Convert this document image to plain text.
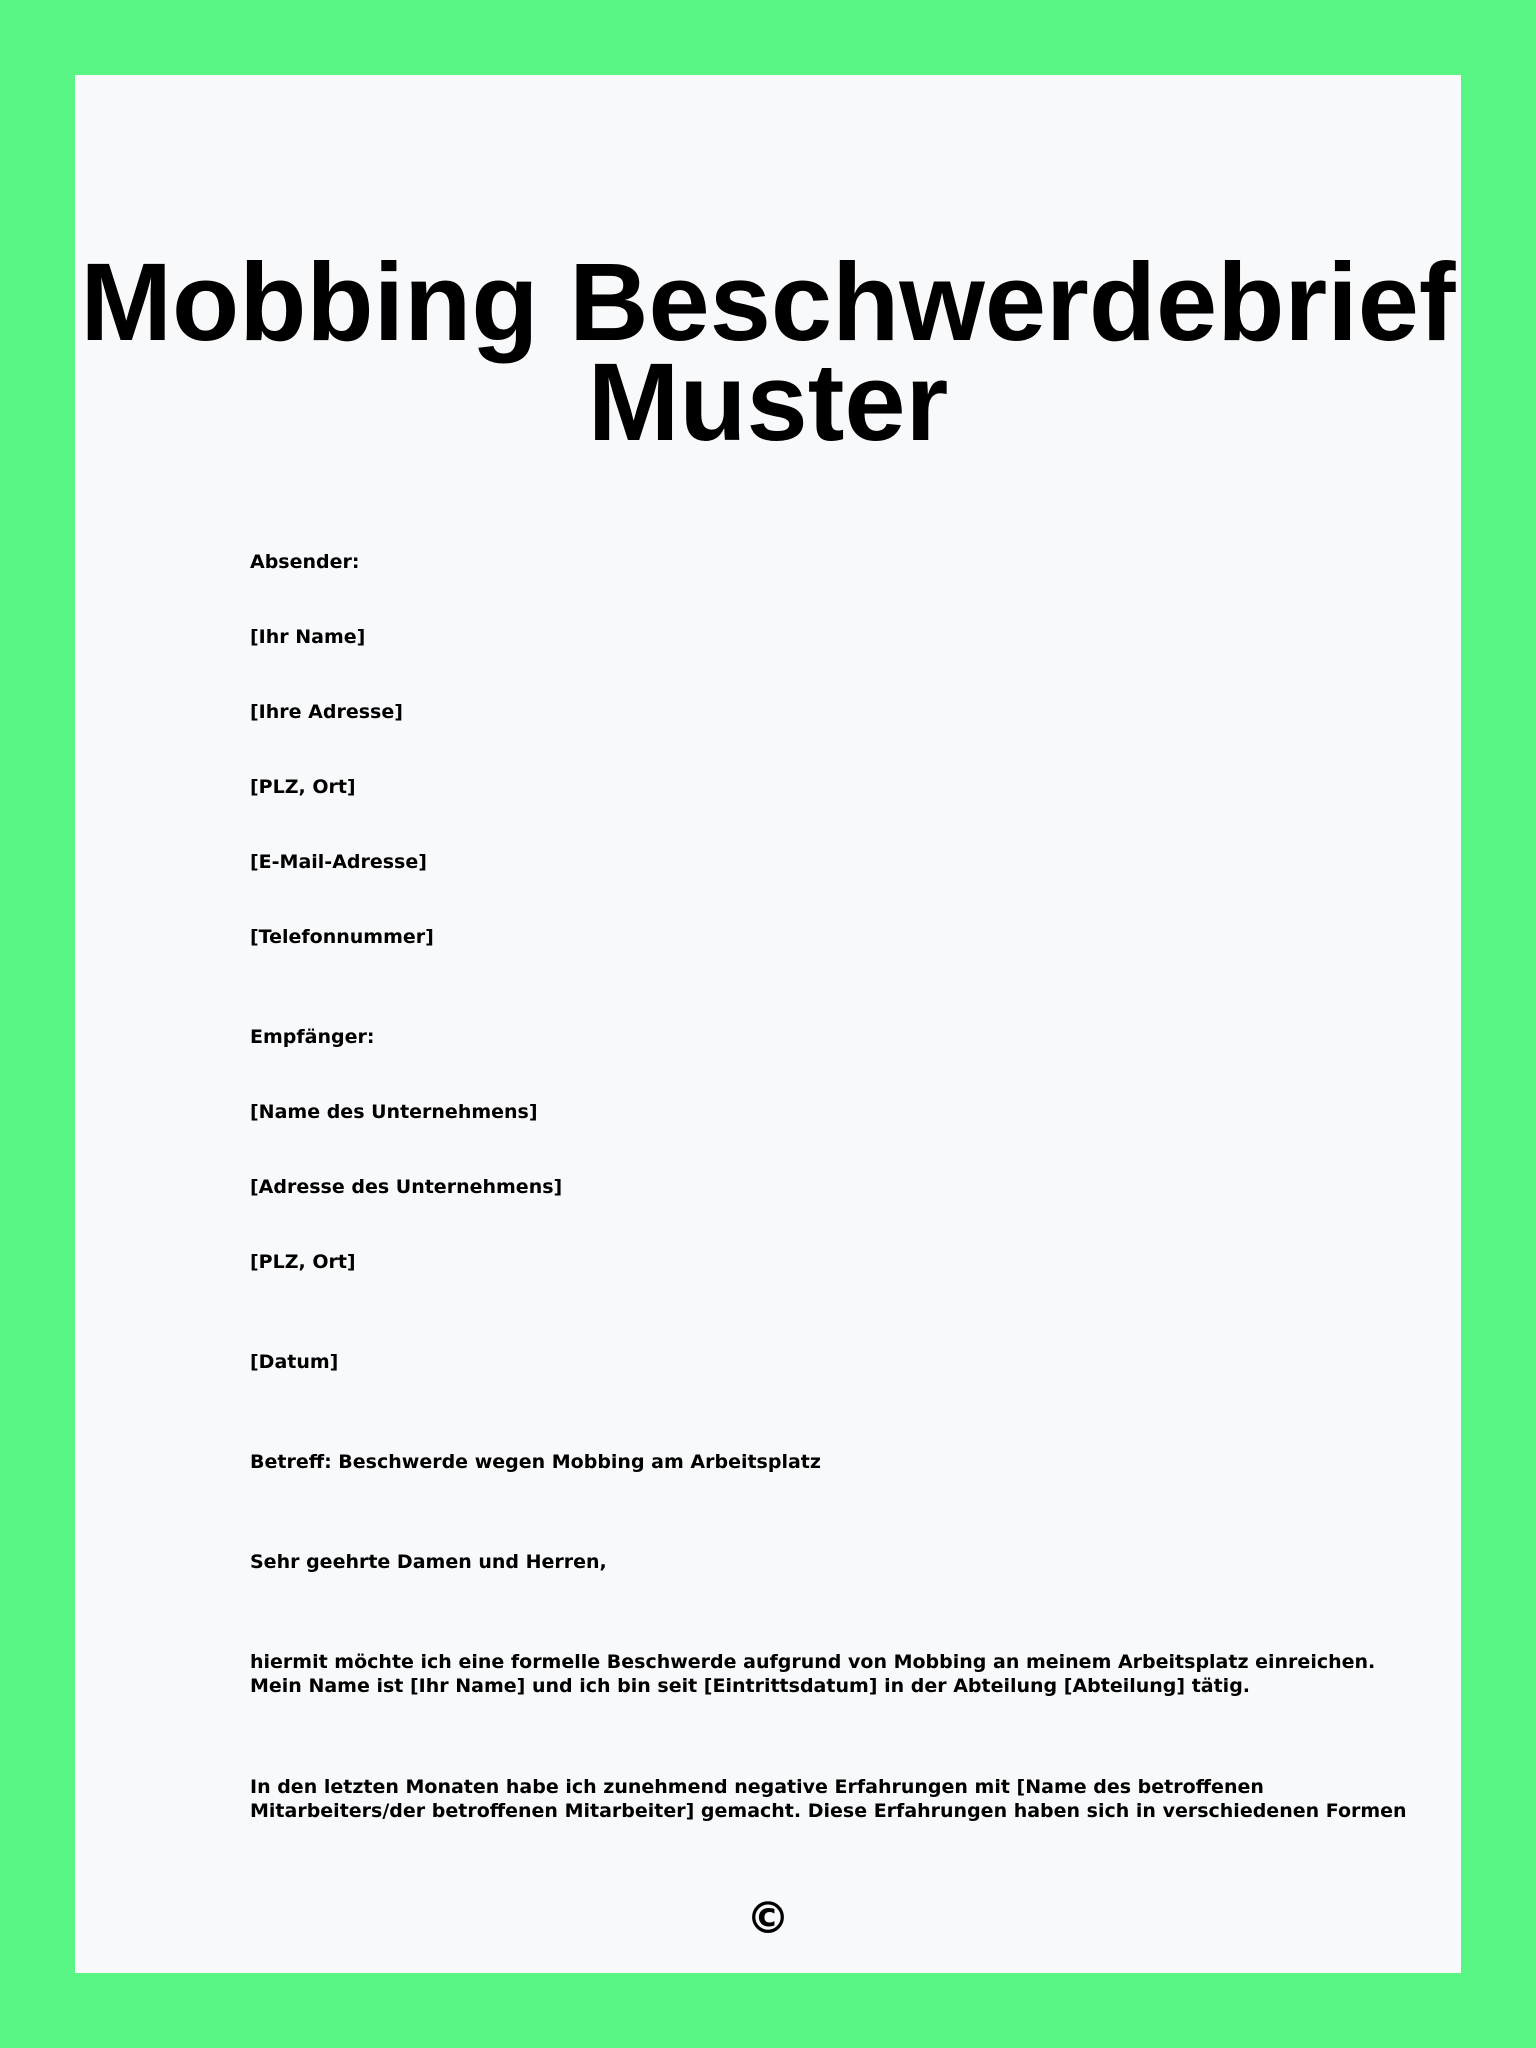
Mobbing Beschwerdebrief
Muster

Absender:

[Ihr Name]

[Ihre Adresse]

[PLZ, Ort]

[E-Mail-Adresse]

[Telefonnummer]

Empfänger:

[Name des Unternehmens]

[Adresse des Unternehmens]

[PLZ, Ort]

[Datum]

Betreff: Beschwerde wegen Mobbing am Arbeitsplatz

Sehr geehrte Damen und Herren,

hiermit möchte ich eine formelle Beschwerde aufgrund von Mobbing an meinem Arbeitsplatz einreichen.
Mein Name ist [Ihr Name] und ich bin seit [Eintrittsdatum] in der Abteilung [Abteilung] tätig.
In den letzten Monaten habe ich zunehmend negative Erfahrungen mit [Name des betroffenen
Mitarbeiters/der betroffenen Mitarbeiter] gemacht. Diese Erfahrungen haben sich in verschiedenen Formen
©
